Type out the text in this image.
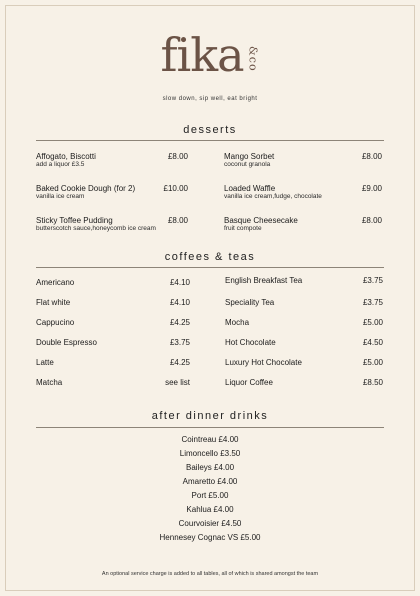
fika &co
slow down, sip well, eat bright
desserts
Affogato, Biscotti
add a liquor £3.5
£8.00
Baked Cookie Dough (for 2)
vanilla ice cream
£10.00
Sticky Toffee Pudding
butterscotch sauce,honeycomb ice cream
£8.00
Mango Sorbet
coconut granola
£8.00
Loaded Waffle
vanilla ice cream,fudge, chocolate
£9.00
Basque Cheesecake
fruit compote
£8.00
coffees & teas
Americano	£4.10
Flat white	£4.10
Cappucino	£4.25
Double Espresso	£3.75
Latte	£4.25
Matcha	see list
English Breakfast Tea	£3.75
Speciality Tea	£3.75
Mocha	£5.00
Hot Chocolate	£4.50
Luxury Hot Chocolate	£5.00
Liquor Coffee	£8.50
after dinner drinks
Cointreau £4.00
Limoncello £3.50
Baileys £4.00
Amaretto £4.00
Port £5.00
Kahlua £4.00
Courvoisier £4.50
Hennesey Cognac VS £5.00
An optional service charge is added to all tables, all of which is shared amongst the team
